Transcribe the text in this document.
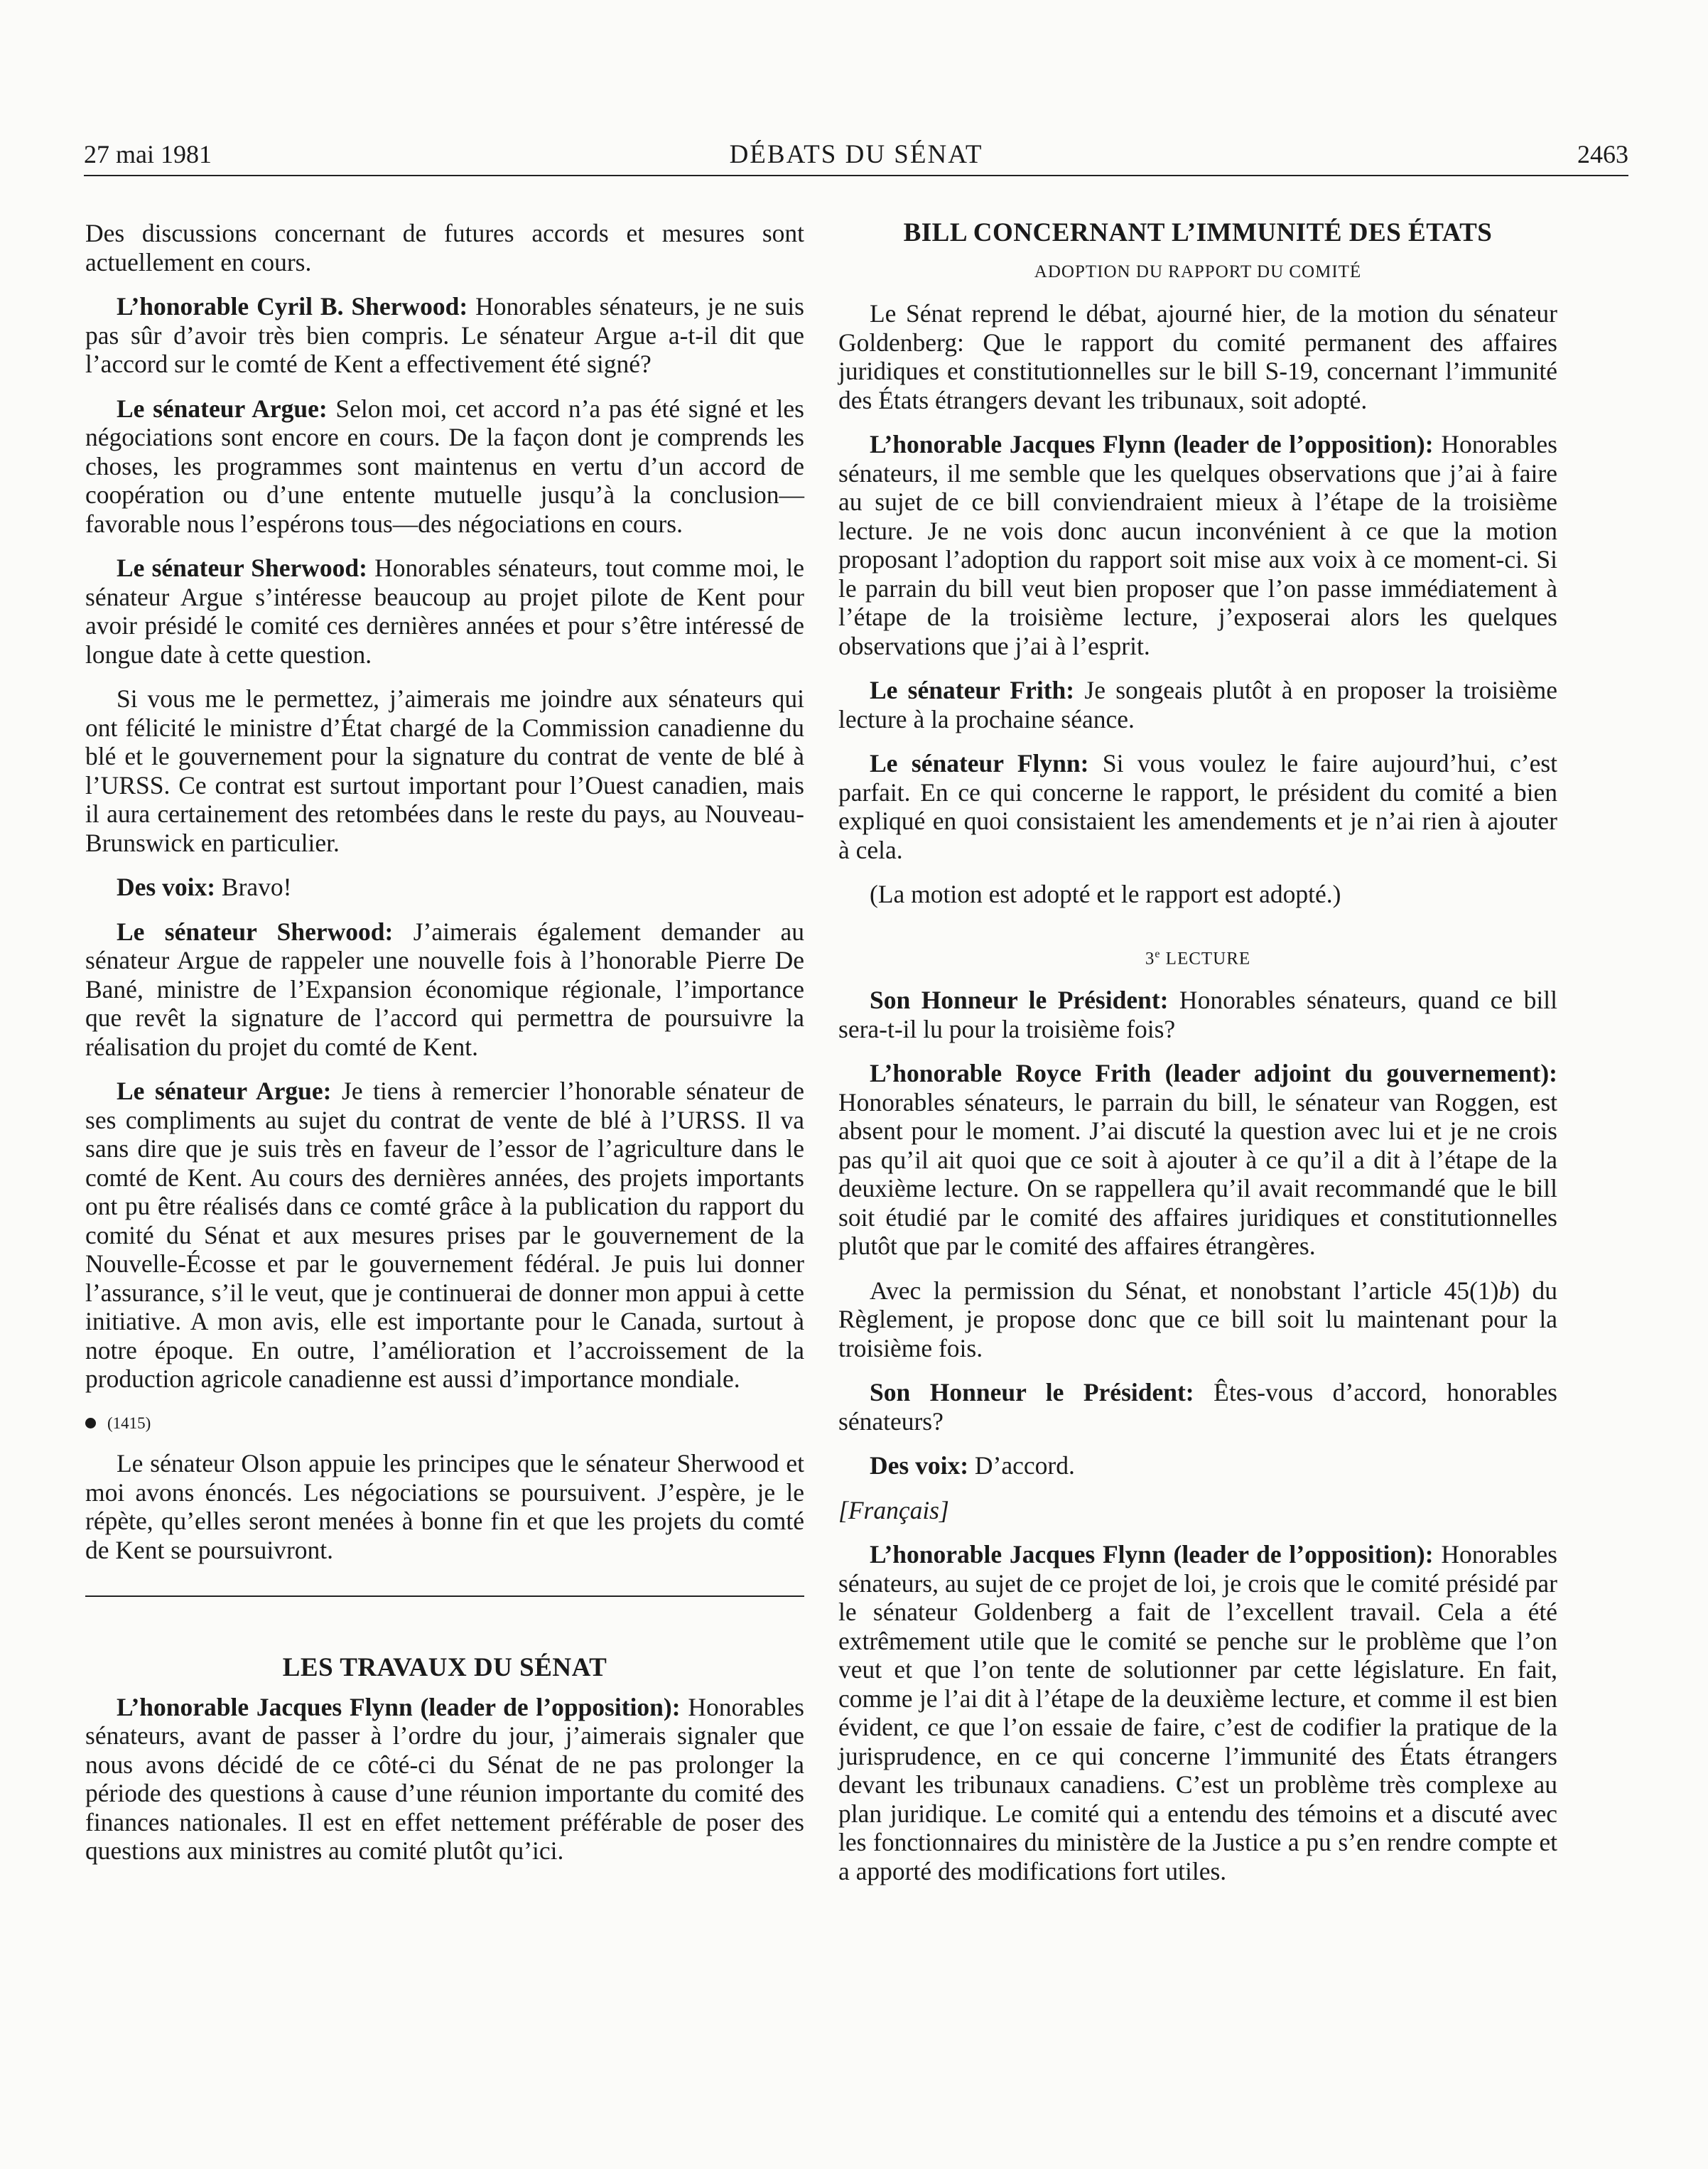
27 mai 1981	DÉBATS DU SÉNAT	2463

Des discussions concernant de futures accords et mesures sont actuellement en cours.

L’honorable Cyril B. Sherwood: Honorables sénateurs, je ne suis pas sûr d’avoir très bien compris. Le sénateur Argue a-t-il dit que l’accord sur le comté de Kent a effectivement été signé?

Le sénateur Argue: Selon moi, cet accord n’a pas été signé et les négociations sont encore en cours. De la façon dont je comprends les choses, les programmes sont maintenus en vertu d’un accord de coopération ou d’une entente mutuelle jusqu’à la conclusion—favorable nous l’espérons tous—des négociations en cours.

Le sénateur Sherwood: Honorables sénateurs, tout comme moi, le sénateur Argue s’intéresse beaucoup au projet pilote de Kent pour avoir présidé le comité ces dernières années et pour s’être intéressé de longue date à cette question.

Si vous me le permettez, j’aimerais me joindre aux sénateurs qui ont félicité le ministre d’État chargé de la Commission canadienne du blé et le gouvernement pour la signature du contrat de vente de blé à l’URSS. Ce contrat est surtout important pour l’Ouest canadien, mais il aura certainement des retombées dans le reste du pays, au Nouveau-Brunswick en particulier.

Des voix: Bravo!

Le sénateur Sherwood: J’aimerais également demander au sénateur Argue de rappeler une nouvelle fois à l’honorable Pierre De Bané, ministre de l’Expansion économique régionale, l’importance que revêt la signature de l’accord qui permettra de poursuivre la réalisation du projet du comté de Kent.

Le sénateur Argue: Je tiens à remercier l’honorable sénateur de ses compliments au sujet du contrat de vente de blé à l’URSS. Il va sans dire que je suis très en faveur de l’essor de l’agriculture dans le comté de Kent. Au cours des dernières années, des projets importants ont pu être réalisés dans ce comté grâce à la publication du rapport du comité du Sénat et aux mesures prises par le gouvernement de la Nouvelle-Écosse et par le gouvernement fédéral. Je puis lui donner l’assurance, s’il le veut, que je continuerai de donner mon appui à cette initiative. A mon avis, elle est importante pour le Canada, surtout à notre époque. En outre, l’amélioration et l’accroissement de la production agricole canadienne est aussi d’importance mondiale.

(1415)

Le sénateur Olson appuie les principes que le sénateur Sherwood et moi avons énoncés. Les négociations se poursuivent. J’espère, je le répète, qu’elles seront menées à bonne fin et que les projets du comté de Kent se poursuivront.

LES TRAVAUX DU SÉNAT

L’honorable Jacques Flynn (leader de l’opposition): Honorables sénateurs, avant de passer à l’ordre du jour, j’aimerais signaler que nous avons décidé de ce côté-ci du Sénat de ne pas prolonger la période des questions à cause d’une réunion importante du comité des finances nationales. Il est en effet nettement préférable de poser des questions aux ministres au comité plutôt qu’ici.

BILL CONCERNANT L’IMMUNITÉ DES ÉTATS
ADOPTION DU RAPPORT DU COMITÉ

Le Sénat reprend le débat, ajourné hier, de la motion du sénateur Goldenberg: Que le rapport du comité permanent des affaires juridiques et constitutionnelles sur le bill S-19, concernant l’immunité des États étrangers devant les tribunaux, soit adopté.

L’honorable Jacques Flynn (leader de l’opposition): Honorables sénateurs, il me semble que les quelques observations que j’ai à faire au sujet de ce bill conviendraient mieux à l’étape de la troisième lecture. Je ne vois donc aucun inconvénient à ce que la motion proposant l’adoption du rapport soit mise aux voix à ce moment-ci. Si le parrain du bill veut bien proposer que l’on passe immédiatement à l’étape de la troisième lecture, j’exposerai alors les quelques observations que j’ai à l’esprit.

Le sénateur Frith: Je songeais plutôt à en proposer la troisième lecture à la prochaine séance.

Le sénateur Flynn: Si vous voulez le faire aujourd’hui, c’est parfait. En ce qui concerne le rapport, le président du comité a bien expliqué en quoi consistaient les amendements et je n’ai rien à ajouter à cela.

(La motion est adopté et le rapport est adopté.)

3e LECTURE

Son Honneur le Président: Honorables sénateurs, quand ce bill sera-t-il lu pour la troisième fois?

L’honorable Royce Frith (leader adjoint du gouvernement): Honorables sénateurs, le parrain du bill, le sénateur van Roggen, est absent pour le moment. J’ai discuté la question avec lui et je ne crois pas qu’il ait quoi que ce soit à ajouter à ce qu’il a dit à l’étape de la deuxième lecture. On se rappellera qu’il avait recommandé que le bill soit étudié par le comité des affaires juridiques et constitutionnelles plutôt que par le comité des affaires étrangères.

Avec la permission du Sénat, et nonobstant l’article 45(1)b) du Règlement, je propose donc que ce bill soit lu maintenant pour la troisième fois.

Son Honneur le Président: Êtes-vous d’accord, honorables sénateurs?

Des voix: D’accord.

[Français]

L’honorable Jacques Flynn (leader de l’opposition): Honorables sénateurs, au sujet de ce projet de loi, je crois que le comité présidé par le sénateur Goldenberg a fait de l’excellent travail. Cela a été extrêmement utile que le comité se penche sur le problème que l’on veut et que l’on tente de solutionner par cette législature. En fait, comme je l’ai dit à l’étape de la deuxième lecture, et comme il est bien évident, ce que l’on essaie de faire, c’est de codifier la pratique de la jurisprudence, en ce qui concerne l’immunité des États étrangers devant les tribunaux canadiens. C’est un problème très complexe au plan juridique. Le comité qui a entendu des témoins et a discuté avec les fonctionnaires du ministère de la Justice a pu s’en rendre compte et a apporté des modifications fort utiles.
